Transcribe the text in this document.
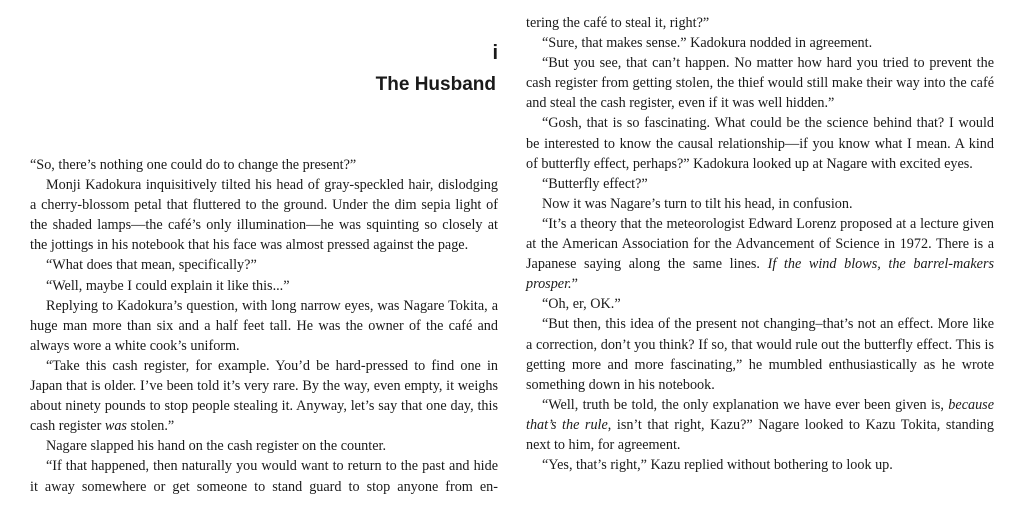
i
The Husband

“So, there’s nothing one could do to change the present?”

Monji Kadokura inquisitively tilted his head of gray-speckled hair, dislodging a cherry-blossom petal that fluttered to the ground. Under the dim sepia light of the shaded lamps—the café’s only illumination—he was squinting so closely at the jottings in his notebook that his face was almost pressed against the page.

“What does that mean, specifically?”

“Well, maybe I could explain it like this...”

Replying to Kadokura’s question, with long narrow eyes, was Nagare Tokita, a huge man more than six and a half feet tall. He was the owner of the café and always wore a white cook’s uniform.

“Take this cash register, for example. You’d be hard-pressed to find one in Japan that is older. I’ve been told it’s very rare. By the way, even empty, it weighs about ninety pounds to stop people stealing it. Anyway, let’s say that one day, this cash register was stolen.”

Nagare slapped his hand on the cash register on the counter.

“If that happened, then naturally you would want to return to the past and hide it away somewhere or get someone to stand guard to stop anyone from en-

tering the café to steal it, right?”

“Sure, that makes sense.” Kadokura nodded in agreement.

“But you see, that can’t happen. No matter how hard you tried to prevent the cash register from getting stolen, the thief would still make their way into the café and steal the cash register, even if it was well hidden.”

“Gosh, that is so fascinating. What could be the science behind that? I would be interested to know the causal relationship—if you know what I mean. A kind of butterfly effect, perhaps?” Kadokura looked up at Nagare with excited eyes.

“Butterfly effect?”

Now it was Nagare’s turn to tilt his head, in confusion.

“It’s a theory that the meteorologist Edward Lorenz proposed at a lecture given at the American Association for the Advancement of Science in 1972. There is a Japanese saying along the same lines. If the wind blows, the barrel-makers prosper.”

“Oh, er, OK.”

“But then, this idea of the present not changing–that’s not an effect. More like a correction, don’t you think? If so, that would rule out the butterfly effect. This is getting more and more fascinating,” he mumbled enthusiastically as he wrote something down in his notebook.

“Well, truth be told, the only explanation we have ever been given is, because that’s the rule, isn’t that right, Kazu?” Nagare looked to Kazu Tokita, standing next to him, for agreement.

“Yes, that’s right,” Kazu replied without bothering to look up.
